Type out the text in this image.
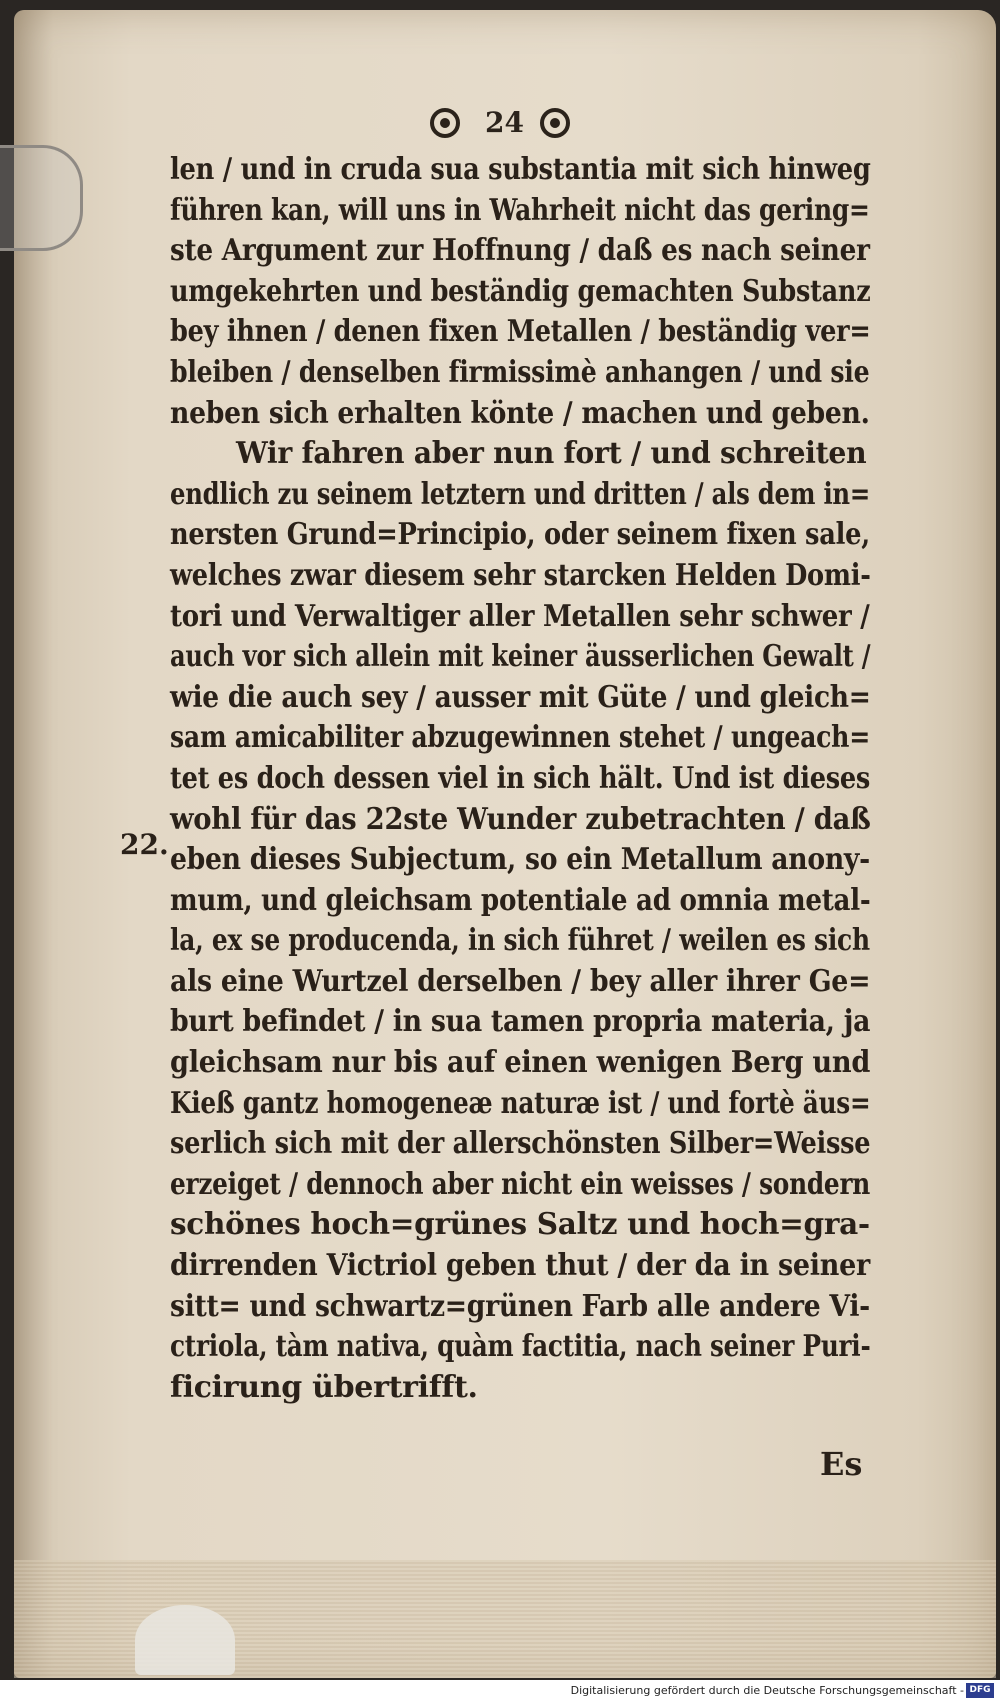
24
len / und in cruda sua substantia mit sich hinweg
führen kan, will uns in Wahrheit nicht das gering=
ste Argument zur Hoffnung / daß es nach seiner
umgekehrten und beständig gemachten Substanz
bey ihnen / denen fixen Metallen / beständig ver=
bleiben / denselben firmissimè anhangen / und sie
neben sich erhalten könte / machen und geben.
Wir fahren aber nun fort / und schreiten
endlich zu seinem letztern und dritten / als dem in=
nersten Grund=Principio, oder seinem fixen sale,
welches zwar diesem sehr starcken Helden Domi-
tori und Verwaltiger aller Metallen sehr schwer /
auch vor sich allein mit keiner äusserlichen Gewalt /
wie die auch sey / ausser mit Güte / und gleich=
sam amicabiliter abzugewinnen stehet / ungeach=
tet es doch dessen viel in sich hält. Und ist dieses
wohl für das 22ste Wunder zubetrachten / daß
eben dieses Subjectum, so ein Metallum anony-
mum, und gleichsam potentiale ad omnia metal-
la, ex se producenda, in sich führet / weilen es sich
als eine Wurtzel derselben / bey aller ihrer Ge=
burt befindet / in sua tamen propria materia, ja
gleichsam nur bis auf einen wenigen Berg und
Kieß gantz homogeneæ naturæ ist / und fortè äus=
serlich sich mit der allerschönsten Silber=Weisse
erzeiget / dennoch aber nicht ein weisses / sondern
schönes hoch=grünes Saltz und hoch=gra-
dirrenden Victriol geben thut / der da in seiner
sitt= und schwartz=grünen Farb alle andere Vi-
ctriola, tàm nativa, quàm factitia, nach seiner Puri-
ficirung übertrifft.
22.
Es
Digitalisierung gefördert durch die Deutsche Forschungsgemeinschaft - DFG
